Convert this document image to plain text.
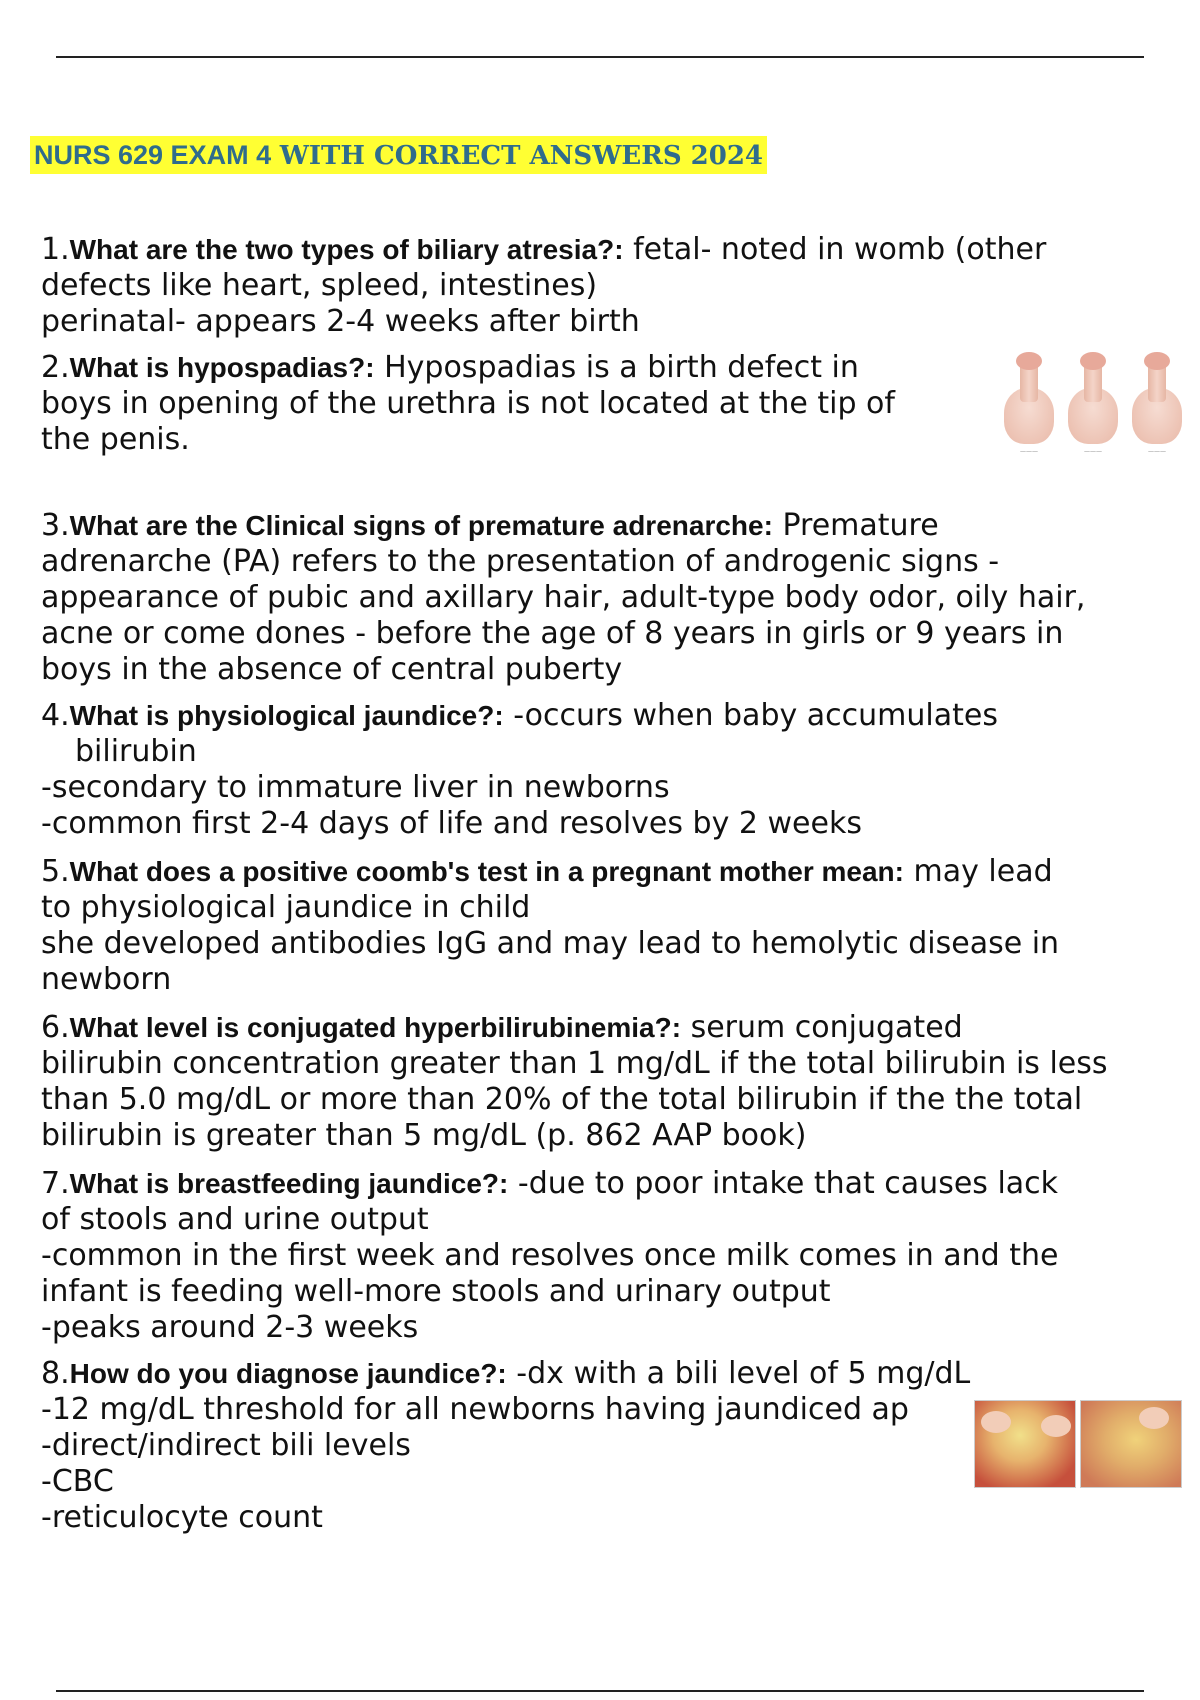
NURS 629 EXAM 4 WITH CORRECT ANSWERS 2024
1.What are the two types of biliary atresia?: fetal- noted in womb (other
defects like heart, spleed, intestines)
perinatal- appears 2-4 weeks after birth
2.What is hypospadias?: Hypospadias is a birth defect in
boys in opening of the urethra is not located at the tip of
the penis.	———	———	———
3.What are the Clinical signs of premature adrenarche: Premature
adrenarche (PA) refers to the presentation of androgenic signs -
appearance of pubic and axillary hair, adult-type body odor, oily hair,
acne or come dones - before the age of 8 years in girls or 9 years in
boys in the absence of central puberty
4.What is physiological jaundice?: -occurs when baby accumulates
bilirubin
-secondary to immature liver in newborns
-common first 2-4 days of life and resolves by 2 weeks
5.What does a positive coomb's test in a pregnant mother mean: may lead
to physiological jaundice in child
she developed antibodies IgG and may lead to hemolytic disease in
newborn
6.What level is conjugated hyperbilirubinemia?: serum conjugated
bilirubin concentration greater than 1 mg/dL if the total bilirubin is less
than 5.0 mg/dL or more than 20% of the total bilirubin if the the total
bilirubin is greater than 5 mg/dL (p. 862 AAP book)
7.What is breastfeeding jaundice?: -due to poor intake that causes lack
of stools and urine output
-common in the first week and resolves once milk comes in and the
infant is feeding well-more stools and urinary output
-peaks around 2-3 weeks
8.How do you diagnose jaundice?: -dx with a bili level of 5 mg/dL
-12 mg/dL threshold for all newborns having jaundiced ap
-direct/indirect bili levels
-CBC
-reticulocyte count
